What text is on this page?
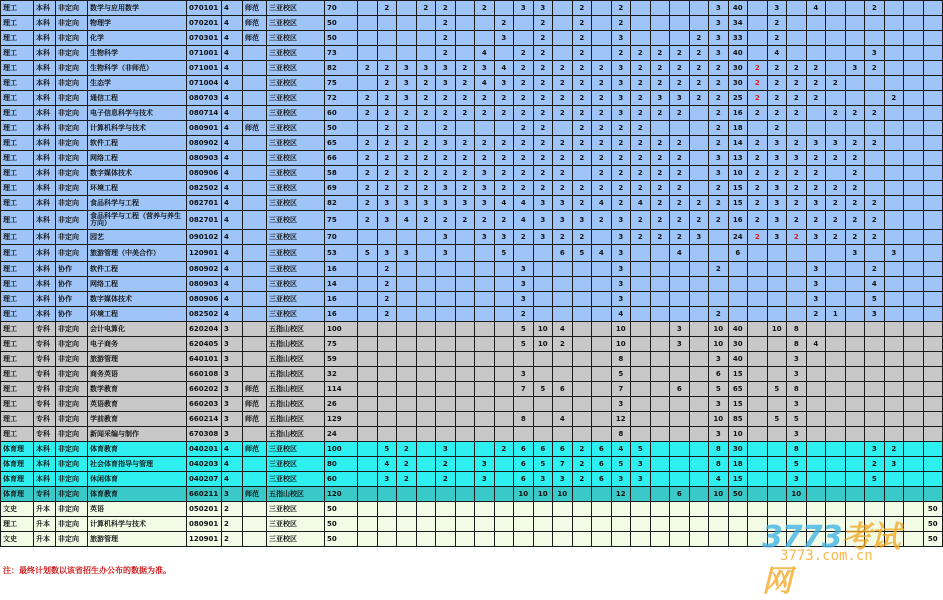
理工	本科	非定向	数学与应用数学	070101	4	师范	三亚校区	70		2		2	2		2		3	3		2		2					3	40		3		4			2			
理工	本科	非定向	物理学	070201	4	师范	三亚校区	50					2			2		2		2		2					3	34		2								
理工	本科	非定向	化学	070301	4	师范	三亚校区	50					2			3		2		2		3				2	3	33		2								
理工	本科	非定向	生物科学	071001	4		三亚校区	73					2		4		2	2		2		2	2	2	2	2	3	40		4					3			
理工	本科	非定向	生物科学（非师范）	071001	4		三亚校区	82	2	2	3	3	3	2	3	4	2	2	2	2	2	3	2	2	2	2	2	30	2	2	2	2		3	2			
理工	本科	非定向	生态学	071004	4		三亚校区	75		2	3	2	3	2	4	3	2	2	2	2	2	3	2	2	2	2	2	30	2	2	2	2	2					
理工	本科	非定向	通信工程	080703	4		三亚校区	72	2	2	3	2	2	2	2	2	2	2	2	2	2	3	2	3	3	2	2	25	2	2	2	2				2		
理工	本科	非定向	电子信息科学与技术	080714	4		三亚校区	60	2	2	2	2	2	2	2	2	2	2	2	2	2	3	2	2	2		2	16	2	2	2		2	2	2			
理工	本科	非定向	计算机科学与技术	080901	4	师范	三亚校区	50		2	2		2				2	2		2	2	2	2				2	18		2								
理工	本科	非定向	软件工程	080902	4		三亚校区	65	2	2	2	2	3	2	2	2	2	2	2	2	2	2	2	2	2		2	14	2	3	2	3	3	2	2			
理工	本科	非定向	网络工程	080903	4		三亚校区	66	2	2	2	2	2	2	2	2	2	2	2	2	2	2	2	2	2		3	13	2	3	3	2	2	2				
理工	本科	非定向	数字媒体技术	080906	4		三亚校区	58	2	2	2	2	2	2	3	2	2	2	2		2	2	2	2	2		3	10	2	2	2	2		2				
理工	本科	非定向	环境工程	082502	4		三亚校区	69	2	2	2	2	3	2	3	2	2	2	2	2	2	2	2	2	2		2	15	2	3	2	2	2	2				
理工	本科	非定向	食品科学与工程	082701	4		三亚校区	82	2	3	3	3	3	3	3	4	4	3	3	2	4	2	4	2	2	2	2	15	2	3	2	3	2	2	2			
理工	本科	非定向	食品科学与工程（营养与养生方向）	082701	4		三亚校区	75	2	3	4	2	2	2	2	2	4	3	3	3	2	3	2	2	2	2	2	16	2	3	2	2	2	2	2			
理工	本科	非定向	园艺	090102	4		三亚校区	70					3		3	3	2	3	2	2		3	2	2	2	3		24	2	3	2	3	2	2	2			
理工	本科	非定向	旅游管理（中美合作）	120901	4		三亚校区	53	5	3	3		3			5			6	5	4	3			4			6						3		3		
理工	本科	协作	软件工程	080902	4		三亚校区	16		2							3					3					2					3			2			
理工	本科	协作	网络工程	080903	4		三亚校区	14		2							3					3										3			4			
理工	本科	协作	数字媒体技术	080906	4		三亚校区	16		2							3					3										3			5			
理工	本科	协作	环境工程	082502	4		三亚校区	16		2							2					4					2					2	1		3			
理工	专科	非定向	会计电算化	620204	3		五指山校区	100									5	10	4			10			3		10	40		10	8							
理工	专科	非定向	电子商务	620405	3		五指山校区	75									5	10	2			10			3		10	30			8	4						
理工	专科	非定向	旅游管理	640101	3		五指山校区	59														8					3	40			3							
理工	专科	非定向	商务英语	660108	3		五指山校区	32									3					5					6	15			3							
理工	专科	非定向	数学教育	660202	3	师范	五指山校区	114									7	5	6			7			6		5	65		5	8							
理工	专科	非定向	英语教育	660203	3	师范	五指山校区	26														3					3	15			3							
理工	专科	非定向	学前教育	660214	3	师范	五指山校区	129									8		4			12					10	85		5	5							
理工	专科	非定向	新闻采编与制作	670308	3		五指山校区	24														8					3	10			3							
体育理	本科	非定向	体育教育	040201	4	师范	三亚校区	100		5	2		3			2	6	6	6	2	6	4	5				8	30			8				3	2		
体育理	本科	非定向	社会体育指导与管理	040203	4		三亚校区	80		4	2		2		3		6	5	7	2	6	5	3				8	18			5				2	3		
体育理	本科	非定向	休闲体育	040207	4		三亚校区	60		3	2		2		3		6	3	3	2	6	3	3				4	15			3				5			
体育理	专科	非定向	体育教育	660211	3	师范	五指山校区	120									10	10	10			12			6		10	50			10							
文史	升本	非定向	英语	050201	2		三亚校区	50																														50
理工	升本	非定向	计算机科学与技术	080901	2		三亚校区	50																														50
文史	升本	非定向	旅游管理	120901	2		三亚校区	50																														50
注：最终计划数以该省招生办公布的数据为准。
3773考试网
3773.com.cn
